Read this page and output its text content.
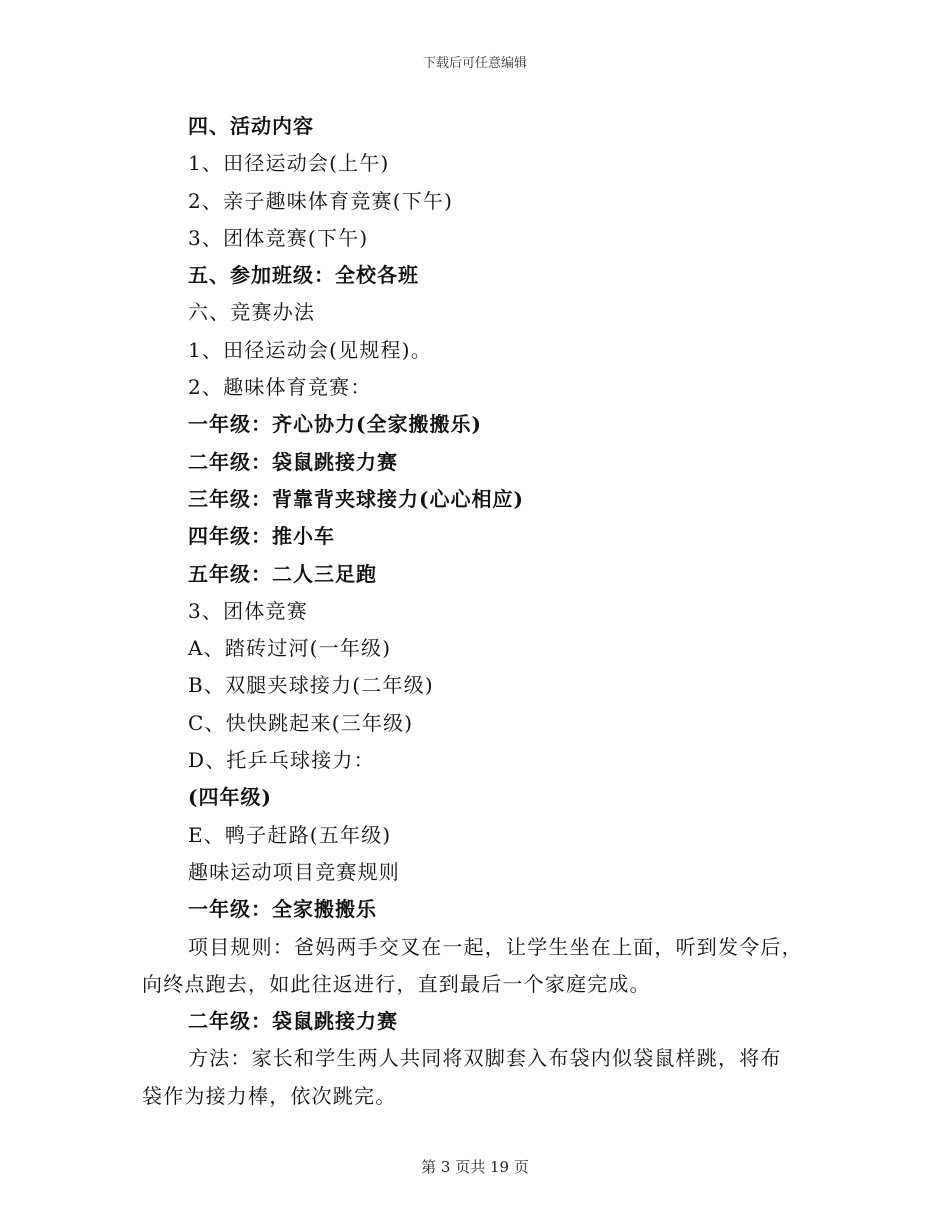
下载后可任意编辑
四、活动内容
1、田径运动会(上午)
2、亲子趣味体育竞赛(下午)
3、团体竞赛(下午)
五、参加班级：全校各班
六、竞赛办法
1、田径运动会(见规程)。
2、趣味体育竞赛：
一年级：齐心协力(全家搬搬乐)
二年级：袋鼠跳接力赛
三年级：背靠背夹球接力(心心相应)
四年级：推小车
五年级：二人三足跑
3、团体竞赛
A、踏砖过河(一年级)
B、双腿夹球接力(二年级)
C、快快跳起来(三年级)
D、托乒乓球接力：
(四年级)
E、鸭子赶路(五年级)
趣味运动项目竞赛规则
一年级：全家搬搬乐
项目规则：爸妈两手交叉在一起，让学生坐在上面，听到发令后，
向终点跑去，如此往返进行，直到最后一个家庭完成。
二年级：袋鼠跳接力赛
方法：家长和学生两人共同将双脚套入布袋内似袋鼠样跳，将布
袋作为接力棒，依次跳完。
第 3 页共 19 页
